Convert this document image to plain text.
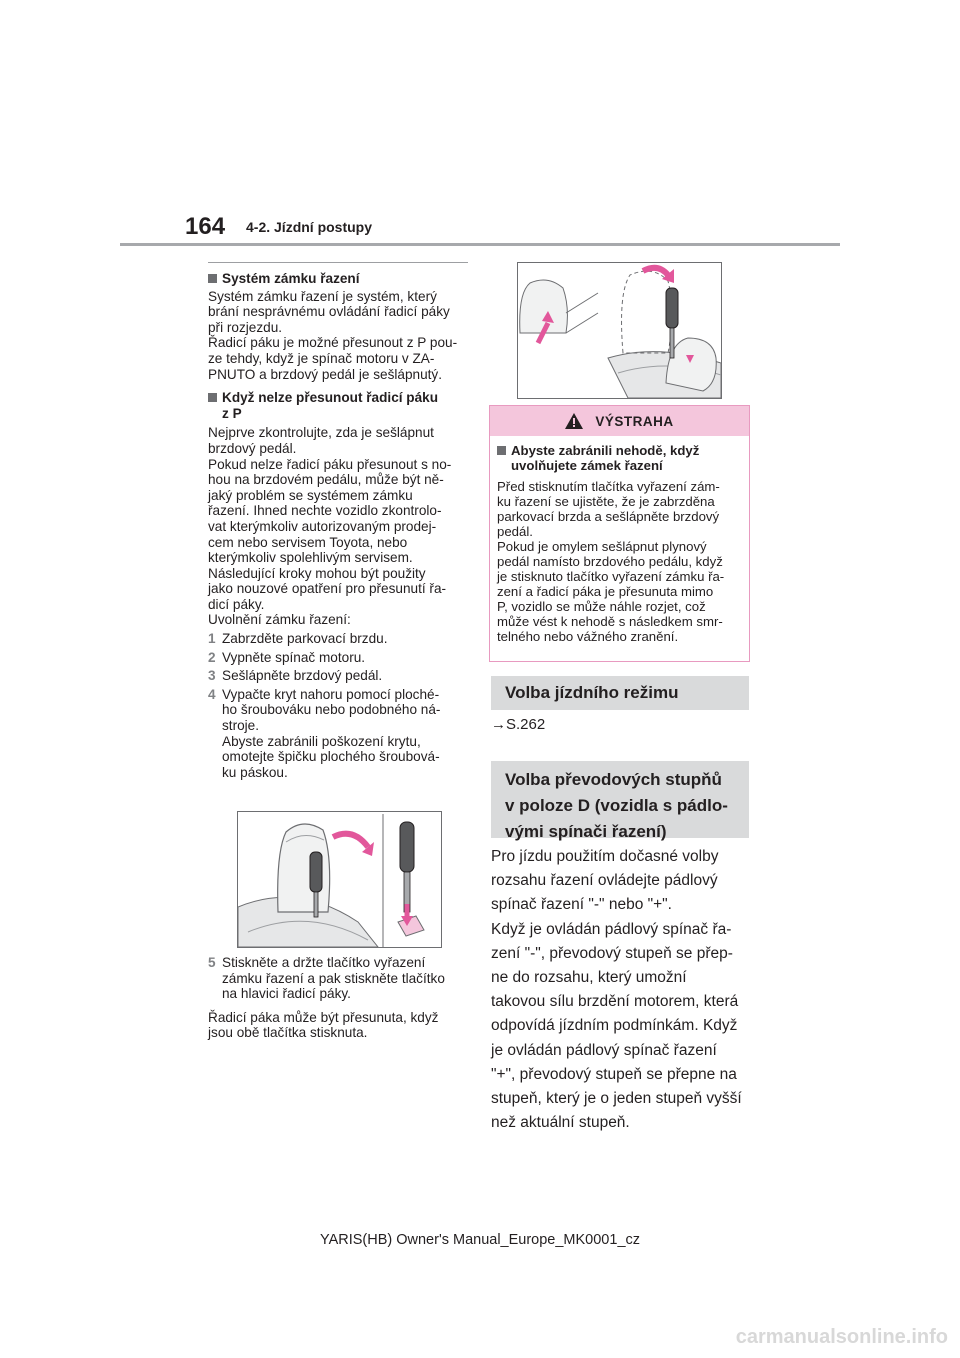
164 4-2. Jízdní postupy
Systém zámku řazení

Systém zámku řazení je systém, který
brání nesprávnému ovládání řadicí páky
při rozjezdu.
Řadicí páku je možné přesunout z P pou-
ze tehdy, když je spínač motoru v ZA-
PNUTO a brzdový pedál je sešlápnutý.

Když nelze přesunout řadicí páku
z P

Nejprve zkontrolujte, zda je sešlápnut
brzdový pedál.
Pokud nelze řadicí páku přesunout s no-
hou na brzdovém pedálu, může být ně-
jaký problém se systémem zámku
řazení. Ihned nechte vozidlo zkontrolo-
vat kterýmkoliv autorizovaným prodej-
cem nebo servisem Toyota, nebo
kterýmkoliv spolehlivým servisem.
Následující kroky mohou být použity
jako nouzové opatření pro přesunutí řa-
dicí páky.
Uvolnění zámku řazení:

1 Zabrzděte parkovací brzdu.
2 Vypněte spínač motoru.
3 Sešlápněte brzdový pedál.
4 Vypačte kryt nahoru pomocí ploché-
ho šroubováku nebo podobného ná-
stroje.
Abyste zabránili poškození krytu,
omotejte špičku plochého šroubová-
ku páskou.
5 Stiskněte a držte tlačítko vyřazení
zámku řazení a pak stiskněte tlačítko
na hlavici řadicí páky.

Řadicí páka může být přesunuta, když
jsou obě tlačítka stisknuta.

VÝSTRAHA
Abyste zabránili nehodě, když
uvolňujete zámek řazení

Před stisknutím tlačítka vyřazení zám-
ku řazení se ujistěte, že je zabrzděna
parkovací brzda a sešlápněte brzdový
pedál.
Pokud je omylem sešlápnut plynový
pedál namísto brzdového pedálu, když
je stisknuto tlačítko vyřazení zámku řa-
zení a řadicí páka je přesunuta mimo
P, vozidlo se může náhle rozjet, což
může vést k nehodě s následkem smr-
telného nebo vážného zranění.

Volba jízdního režimu
→S.262
Volba převodových stupňů
v poloze D (vozidla s pádlo-
vými spínači řazení)
Pro jízdu použitím dočasné volby
rozsahu řazení ovládejte pádlový
spínač řazení "-" nebo "+".
Když je ovládán pádlový spínač řa-
zení "-", převodový stupeň se přep-
ne do rozsahu, který umožní
takovou sílu brzdění motorem, která
odpovídá jízdním podmínkám. Když
je ovládán pádlový spínač řazení
"+", převodový stupeň se přepne na
stupeň, který je o jeden stupeň vyšší
než aktuální stupeň.
YARIS(HB) Owner's Manual_Europe_MK0001_cz
carmanualsonline.info
